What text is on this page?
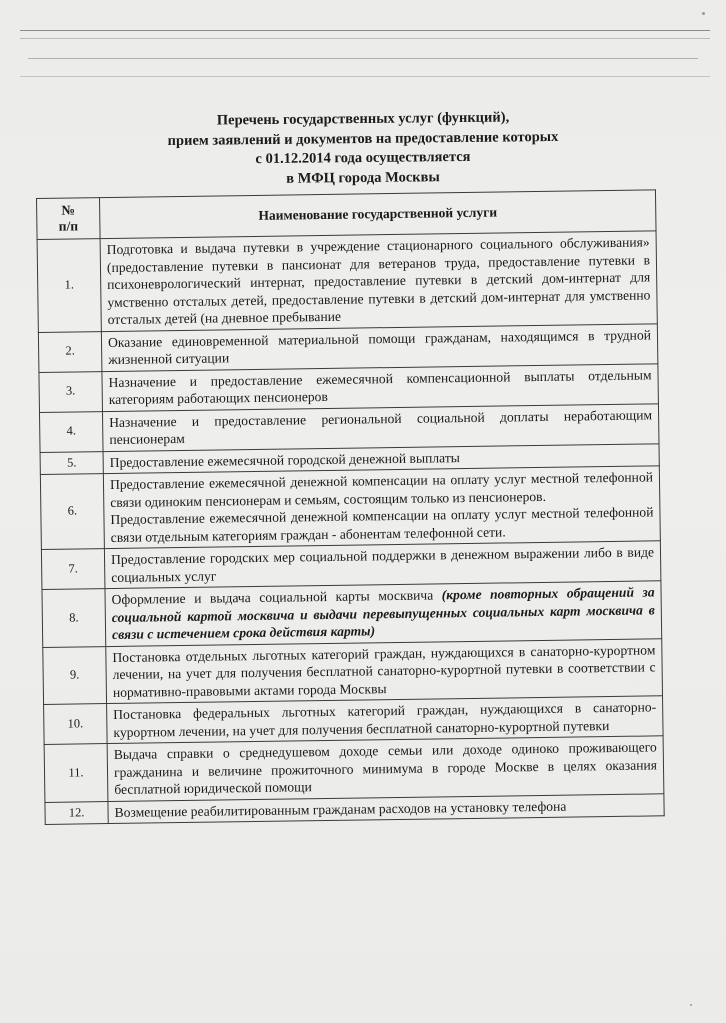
Перечень государственных услуг (функций),
прием заявлений и документов на предоставление которых
с 01.12.2014 года осуществляется
в МФЦ города Москвы
№
п/п	Наименование государственной услуги
1.	Подготовка и выдача путевки в учреждение стационарного социального обслуживания» (предоставление путевки в пансионат для ветеранов труда, предоставление путевки в психоневрологический интернат, предоставление путевки в детский дом-интернат для умственно отсталых детей, предоставление путевки в детский дом-интернат для умственно отсталых детей (на дневное пребывание

2.	Оказание единовременной материальной помощи гражданам, находящимся в трудной жизненной ситуации

3.	Назначение и предоставление ежемесячной компенсационной выплаты отдельным категориям работающих пенсионеров

4.	Назначение и предоставление региональной социальной доплаты неработающим пенсионерам

5.	Предоставление ежемесячной городской денежной выплаты

6.	Предоставление ежемесячной денежной компенсации на оплату услуг местной телефонной связи одиноким пенсионерам и семьям, состоящим только из пенсионеров.

Предоставление ежемесячной денежной компенсации на оплату услуг местной телефонной связи отдельным категориям граждан - абонентам телефонной сети.

7.	Предоставление городских мер социальной поддержки в денежном выражении либо в виде социальных услуг

8.	Оформление и выдача социальной карты москвича (кроме повторных обращений за социальной картой москвича и выдачи перевыпущенных социальных карт москвича в связи с истечением срока действия карты)

9.	Постановка отдельных льготных категорий граждан, нуждающихся в санаторно-курортном лечении, на учет для получения бесплатной санаторно-курортной путевки в соответствии с нормативно-правовыми актами города Москвы

10.	Постановка федеральных льготных категорий граждан, нуждающихся в санаторно-курортном лечении, на учет для получения бесплатной санаторно-курортной путевки

11.	Выдача справки о среднедушевом доходе семьи или доходе одиноко проживающего гражданина и величине прожиточного минимума в городе Москве в целях оказания бесплатной юридической помощи

12.	Возмещение реабилитированным гражданам расходов на установку телефона
